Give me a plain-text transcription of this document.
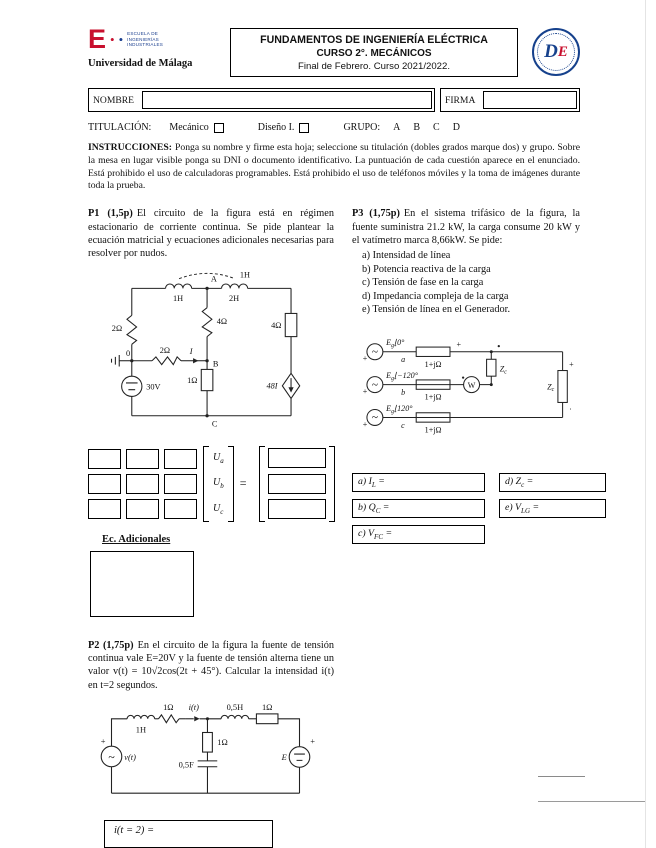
E • • ESCUELA DE
INGENIERÍAS
INDUSTRIALES
Universidad de Málaga
FUNDAMENTOS DE INGENIERÍA ELÉCTRICA
CURSO 2°. MECÁNICOS
Final de Febrero. Curso 2021/2022.
D E
NOMBRE	FIRMA
TITULACIÓN: Mecánico	Diseño I.	GRUPO: A B C D
INSTRUCCIONES: Ponga su nombre y firme esta hoja; seleccione su titulación (dobles grados marque dos) y grupo. Sobre la mesa en lugar visible ponga su DNI o documento identificativo. La puntuación de cada cuestión aparece en el enunciado. Está prohibido el uso de calculadoras programables. Está prohibido el uso de teléfonos móviles y la toma de imágenes durante toda la prueba.
P1 (1,5p) El circuito de la figura está en régimen estacionario de corriente continua. Se pide plantear la ecuación matricial y ecuaciones adicionales necesarias para resolver por nudos.
1H	2H
1H
A
2Ω
0	2Ω I
B
4Ω	4Ω
30V
1Ω
48I
C
$U_a$
$U_b$
$U_c$
=
Ec. Adicionales
P2 (1,75p) En el circuito de la figura la fuente de tensión continua vale E=20V y la fuente de tensión alterna tiene un valor v(t) = 10√2cos(2t + 45°). Calcular la intensidad i(t) en t=2 segundos.
~
+
v(t)
1H
1Ω i(t)	0,5H 1Ω
1Ω
0,5F
E
+
i(t = 2) =
P3 (1,75p) En el sistema trifásico de la figura, la fuente suministra 21.2 kW, la carga consume 20 kW y el vatímetro marca 8,66kW. Se pide:
a) Intensidad de línea
b) Potencia reactiva de la carga
c) Tensión de fase en la carga
d) Impedancia compleja de la carga
e) Tensión de línea en el Generador.
~
~
~
+
+
+
$E_g⌊0^\circ$
$E_g⌊-120^\circ$
$E_g⌊120^\circ$
a
b
c
1+jΩ
1+jΩ
1+jΩ
+
W
$Z_c$
$Z_c$
+
·
a) $I_L$ =
b) $Q_C$ =
c) $V_{FC}$ =
d) $Z_c$ =
e) $V_{LG}$ =
